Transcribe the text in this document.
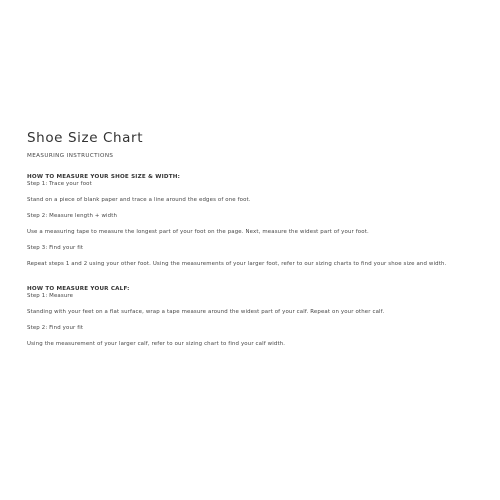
Shoe Size Chart
MEASURING INSTRUCTIONS

HOW TO MEASURE YOUR SHOE SIZE & WIDTH:

Step 1: Trace your foot

Stand on a piece of blank paper and trace a line around the edges of one foot.

Step 2: Measure length + width

Use a measuring tape to measure the longest part of your foot on the page. Next, measure the widest part of your foot.

Step 3: Find your fit

Repeat steps 1 and 2 using your other foot. Using the measurements of your larger foot, refer to our sizing charts to find your shoe size and width.

HOW TO MEASURE YOUR CALF:

Step 1: Measure

Standing with your feet on a flat surface, wrap a tape measure around the widest part of your calf. Repeat on your other calf.

Step 2: Find your fit

Using the measurement of your larger calf, refer to our sizing chart to find your calf width.
